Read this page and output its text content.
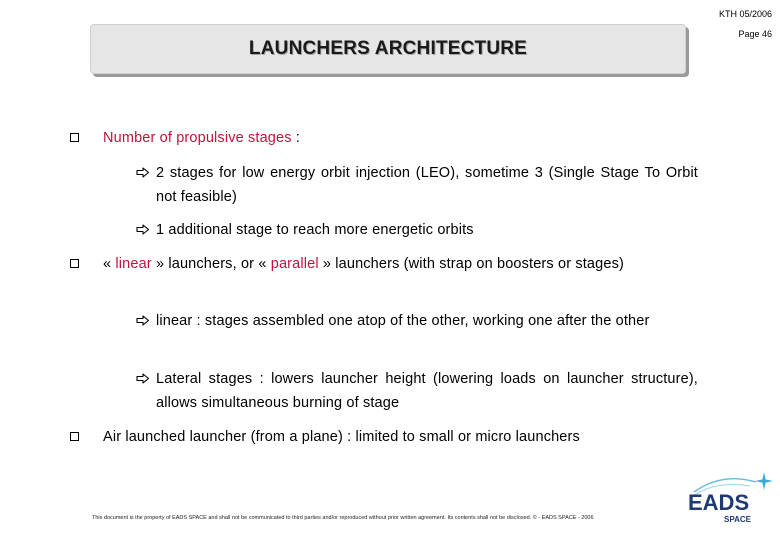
KTH 05/2006
Page 46
LAUNCHERS ARCHITECTURE
Number of propulsive stages :
2 stages for low energy orbit injection (LEO), sometime 3 (Single Stage To Orbit not feasible)
1 additional stage to reach more energetic orbits
« linear » launchers, or « parallel » launchers (with strap on boosters or stages)
linear : stages assembled one atop of the other, working one after the other
Lateral stages : lowers launcher height (lowering loads on launcher structure), allows simultaneous burning of stage
Air launched launcher (from a plane) : limited to small or micro launchers
This document is the property of EADS SPACE and shall not be communicated to third parties and/or reproduced without prior written agreement. Its contents shall not be disclosed. © - EADS SPACE - 2006
EADS
SPACE
